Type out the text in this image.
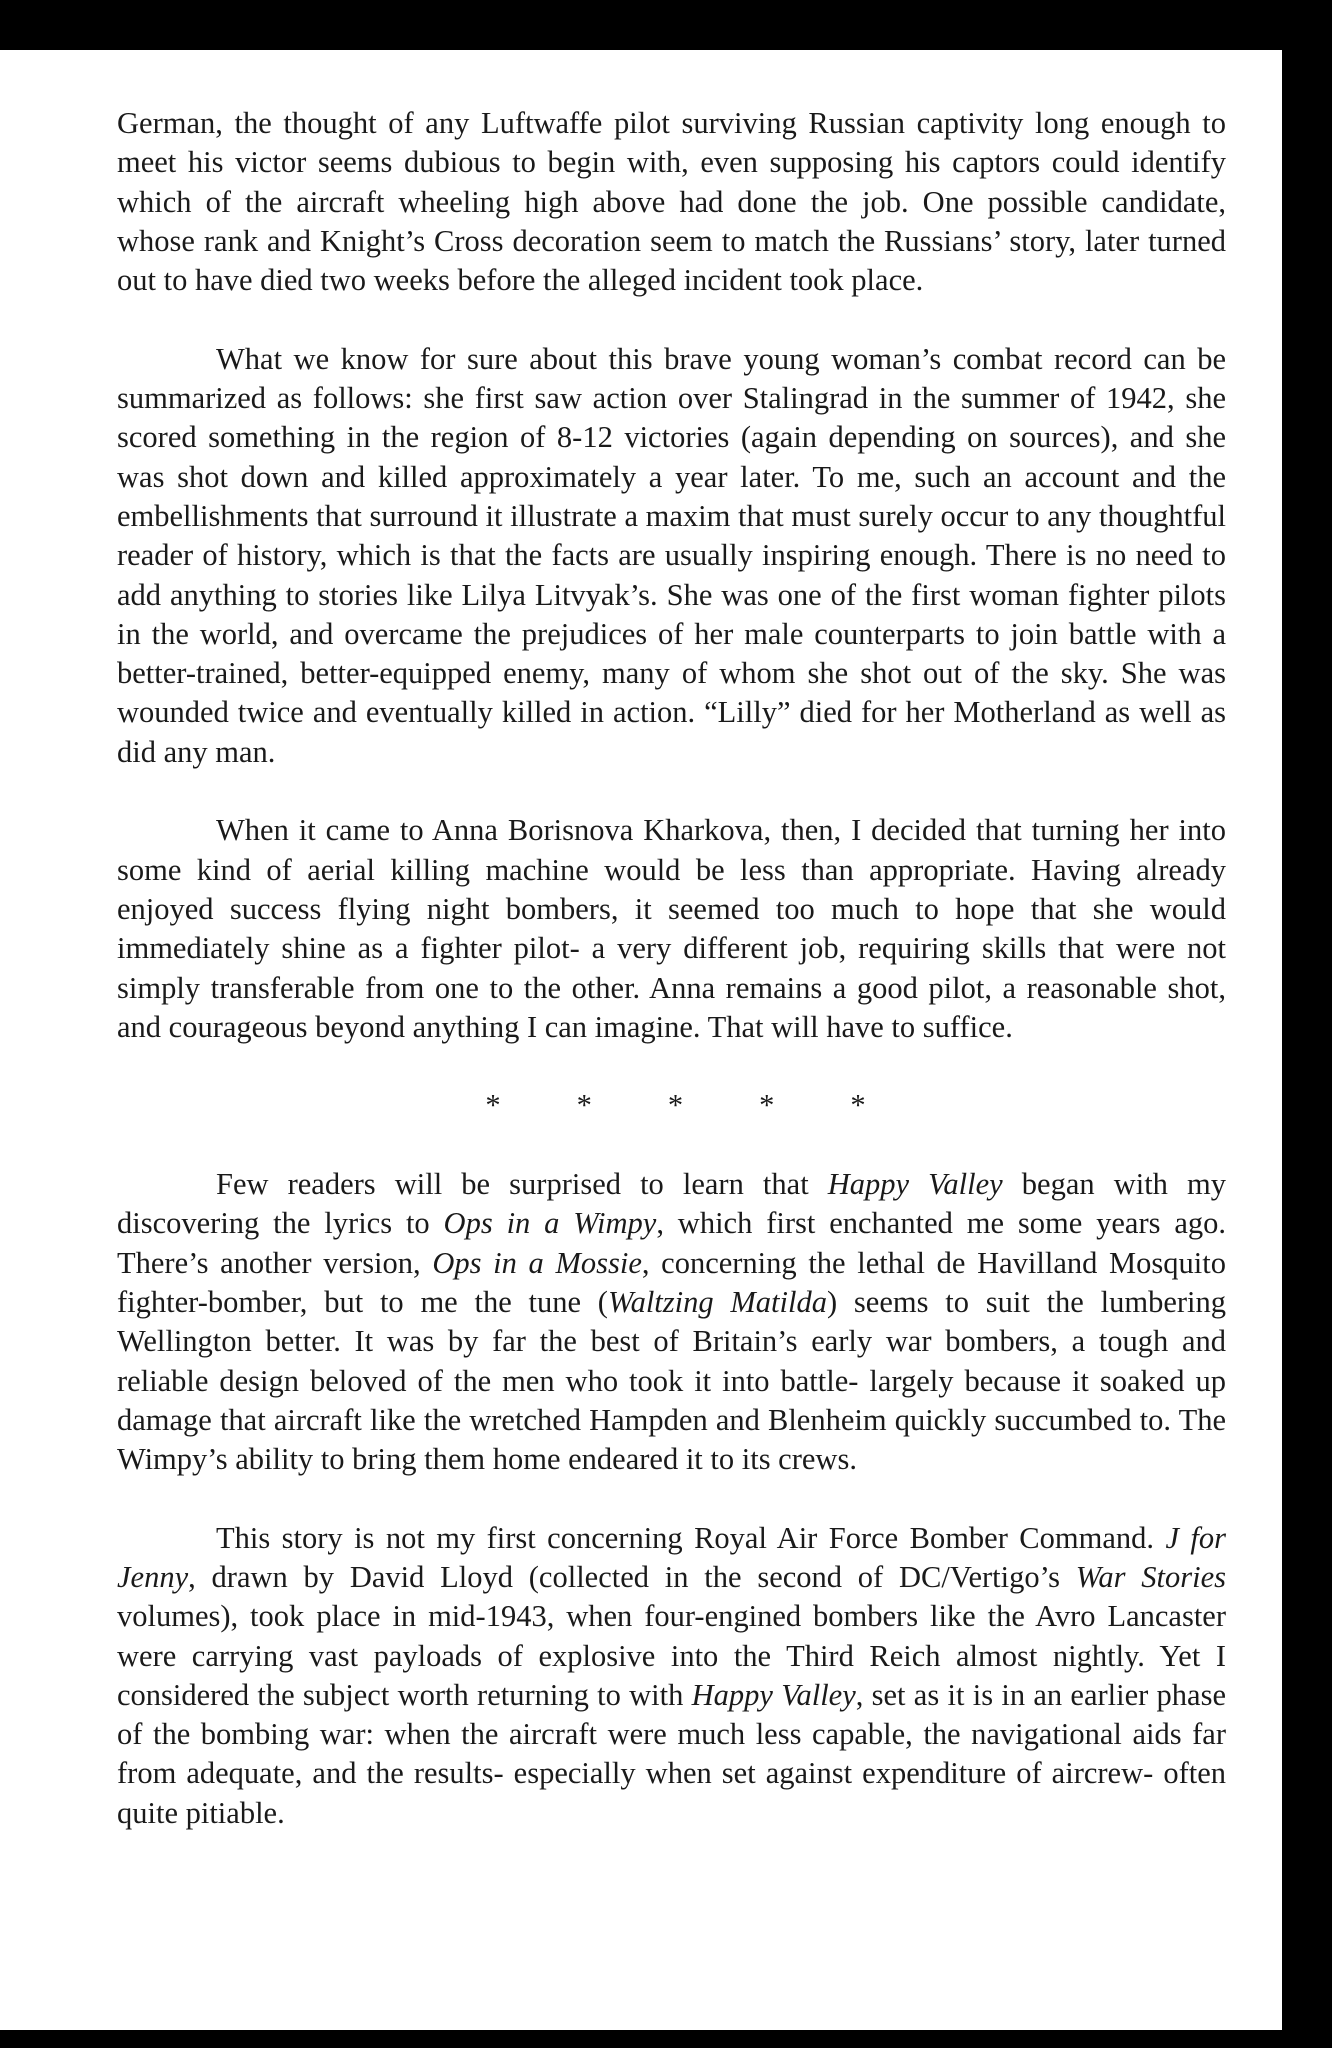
German, the thought of any Luftwaffe pilot surviving Russian captivity long enough to meet his victor seems dubious to begin with, even supposing his captors could identify which of the aircraft wheeling high above had done the job. One possible candidate, whose rank and Knight’s Cross decoration seem to match the Russians’ story, later turned out to have died two weeks before the alleged incident took place.

What we know for sure about this brave young woman’s combat record can be summarized as follows: she first saw action over Stalingrad in the summer of 1942, she scored something in the region of 8-12 victories (again depending on sources), and she was shot down and killed approximately a year later. To me, such an account and the embellishments that surround it illustrate a maxim that must surely occur to any thoughtful reader of history, which is that the facts are usually inspiring enough. There is no need to add anything to stories like Lilya Litvyak’s. She was one of the first woman fighter pilots in the world, and overcame the prejudices of her male counterparts to join battle with a better-trained, better-equipped enemy, many of whom she shot out of the sky. She was wounded twice and eventually killed in action. “Lilly” died for her Motherland as well as did any man.

When it came to Anna Borisnova Kharkova, then, I decided that turning her into some kind of aerial killing machine would be less than appropriate. Having already enjoyed success flying night bombers, it seemed too much to hope that she would immediately shine as a fighter pilot- a very different job, requiring skills that were not simply transferable from one to the other. Anna remains a good pilot, a reasonable shot, and courageous beyond anything I can imagine. That will have to suffice.

* * * * *

Few readers will be surprised to learn that Happy Valley began with my discovering the lyrics to Ops in a Wimpy, which first enchanted me some years ago. There’s another version, Ops in a Mossie, concerning the lethal de Havilland Mosquito fighter-bomber, but to me the tune (Waltzing Matilda) seems to suit the lumbering Wellington better. It was by far the best of Britain’s early war bombers, a tough and reliable design beloved of the men who took it into battle- largely because it soaked up damage that aircraft like the wretched Hampden and Blenheim quickly succumbed to. The Wimpy’s ability to bring them home endeared it to its crews.

This story is not my first concerning Royal Air Force Bomber Command. J for Jenny, drawn by David Lloyd (collected in the second of DC/Vertigo’s War Stories volumes), took place in mid-1943, when four-engined bombers like the Avro Lancaster were carrying vast payloads of explosive into the Third Reich almost nightly. Yet I considered the subject worth returning to with Happy Valley, set as it is in an earlier phase of the bombing war: when the aircraft were much less capable, the navigational aids far from adequate, and the results- especially when set against expenditure of aircrew- often quite pitiable.
